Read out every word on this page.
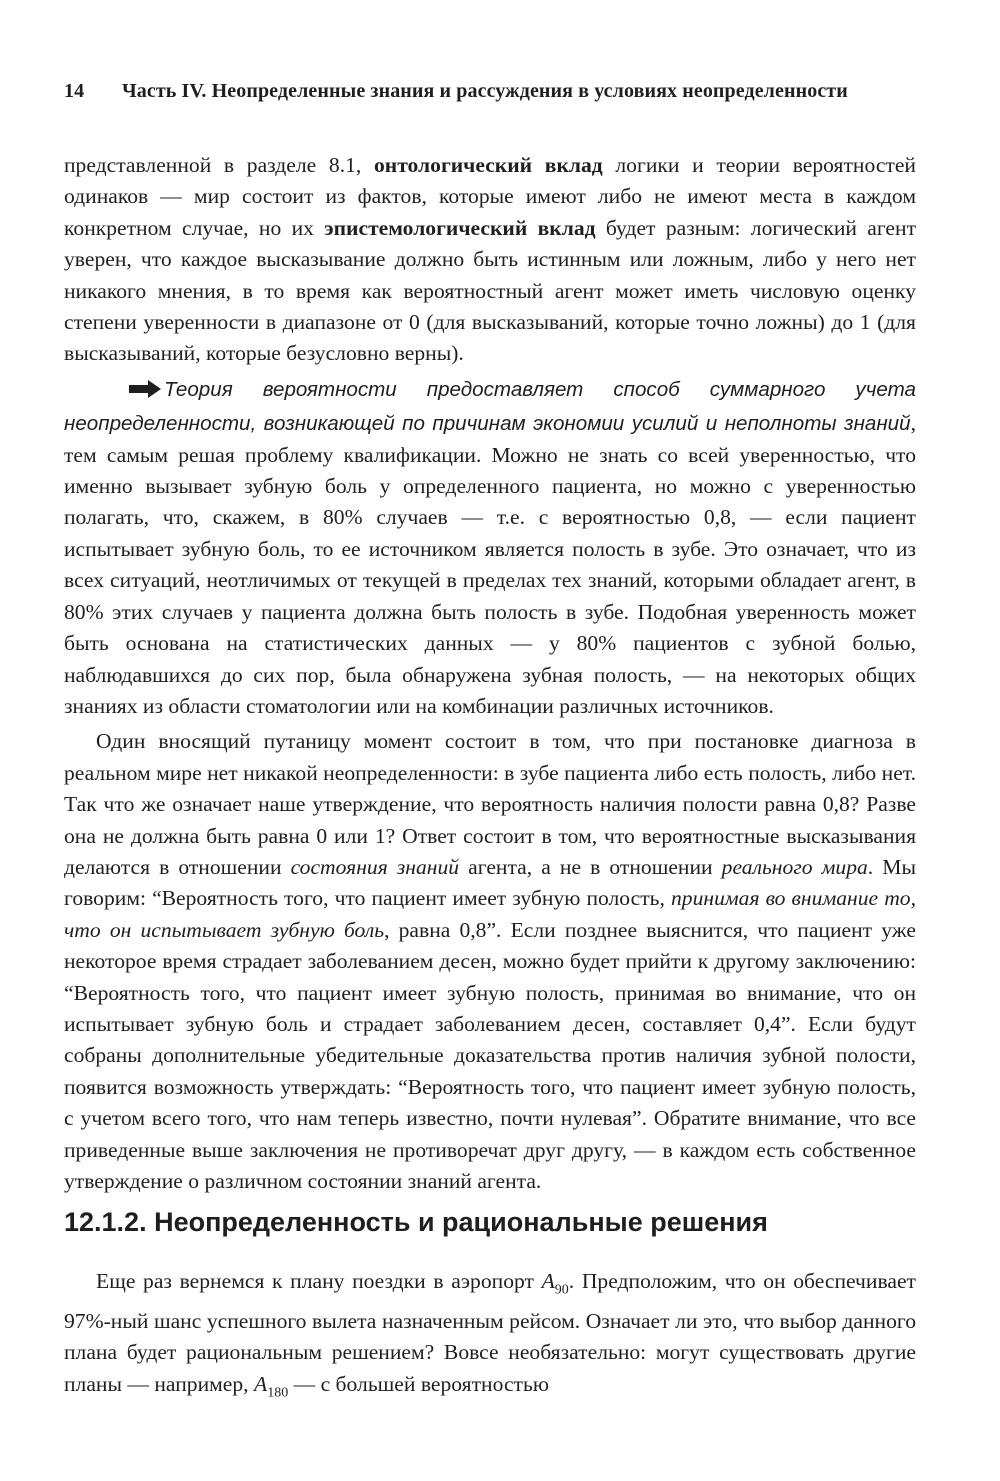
14 Часть IV. Неопределенные знания и рассуждения в условиях неопределенности

представленной в разделе 8.1, онтологический вклад логики и теории вероятностей одинаков — мир состоит из фактов, которые имеют либо не имеют места в каждом конкретном случае, но их эпистемологический вклад будет разным: логический агент уверен, что каждое высказывание должно быть истинным или ложным, либо у него нет никакого мнения, в то время как вероятностный агент может иметь числовую оценку степени уверенности в диапазоне от 0 (для высказываний, которые точно ложны) до 1 (для высказываний, которые безусловно верны).

Теория вероятности предоставляет способ суммарного учета неопределенности, возникающей по причинам экономии усилий и неполноты знаний, тем самым решая проблему квалификации. Можно не знать со всей уверенностью, что именно вызывает зубную боль у определенного пациента, но можно с уверенностью полагать, что, скажем, в 80% случаев — т.е. с вероятностью 0,8, — если пациент испытывает зубную боль, то ее источником является полость в зубе. Это означает, что из всех ситуаций, неотличимых от текущей в пределах тех знаний, которыми обладает агент, в 80% этих случаев у пациента должна быть полость в зубе. Подобная уверенность может быть основана на статистических данных — у 80% пациентов с зубной болью, наблюдавшихся до сих пор, была обнаружена зубная полость, — на некоторых общих знаниях из области стоматологии или на комбинации различных источников.

Один вносящий путаницу момент состоит в том, что при постановке диагноза в реальном мире нет никакой неопределенности: в зубе пациента либо есть полость, либо нет. Так что же означает наше утверждение, что вероятность наличия полости равна 0,8? Разве она не должна быть равна 0 или 1? Ответ состоит в том, что вероятностные высказывания делаются в отношении состояния знаний агента, а не в отношении реального мира. Мы говорим: “Вероятность того, что пациент имеет зубную полость, принимая во внимание то, что он испытывает зубную боль, равна 0,8”. Если позднее выяснится, что пациент уже некоторое время страдает заболеванием десен, можно будет прийти к другому заключению: “Вероятность того, что пациент имеет зубную полость, принимая во внимание, что он испытывает зубную боль и страдает заболеванием десен, составляет 0,4”. Если будут собраны дополнительные убедительные доказательства против наличия зубной полости, появится возможность утверждать: “Вероятность того, что пациент имеет зубную полость, с учетом всего того, что нам теперь известно, почти нулевая”. Обратите внимание, что все приведенные выше заключения не противоречат друг другу, — в каждом есть собственное утверждение о различном состоянии знаний агента.

12.1.2. Неопределенность и рациональные решения

Еще раз вернемся к плану поездки в аэропорт $A_{90}$. Предположим, что он обеспечивает 97%-ный шанс успешного вылета назначенным рейсом. Означает ли это, что выбор данного плана будет рациональным решением? Вовсе необязательно: могут существовать другие планы — например, $A_{180}$ — с большей вероятностью
